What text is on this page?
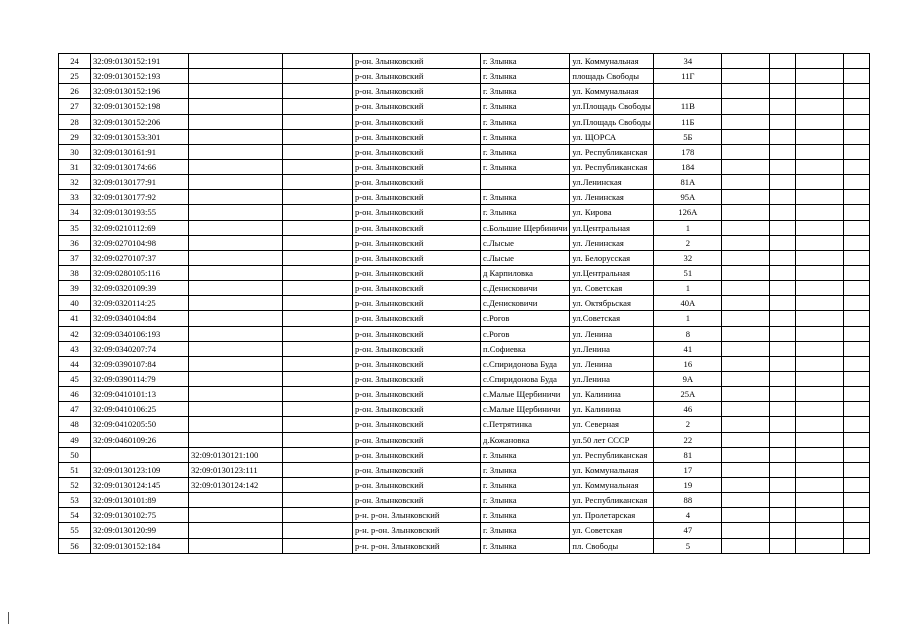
24	32:09:0130152:191			р-он. Злынковский	г. Злынка	ул. Коммунальная	34				
25	32:09:0130152:193			р-он. Злынковский	г. Злынка	площадь Свободы	11Г				
26	32:09:0130152:196			р-он. Злынковский	г. Злынка	ул. Коммунальная					
27	32:09:0130152:198			р-он. Злынковский	г. Злынка	ул.Площадь Свободы	11В				
28	32:09:0130152:206			р-он. Злынковский	г. Злынка	ул.Площадь Свободы	11Б				
29	32:09:0130153:301			р-он. Злынковский	г. Злынка	ул. ЩОРСА	5Б				
30	32:09:0130161:91			р-он. Злынковский	г. Злынка	ул. Республиканская	178				
31	32:09:0130174:66			р-он. Злынковский	г. Злынка	ул. Республиканская	184				
32	32:09:0130177:91			р-он. Злынковский		ул.Ленинская	81А				
33	32:09:0130177:92			р-он. Злынковский	г. Злынка	ул. Ленинская	95А				
34	32:09:0130193:55			р-он. Злынковский	г. Злынка	ул. Кирова	126А				
35	32:09:0210112:69			р-он. Злынковский	с.Большие Щербиничи	ул.Центральная	1				
36	32:09:0270104:98			р-он. Злынковский	с.Лысые	ул. Ленинская	2				
37	32:09:0270107:37			р-он. Злынковский	с.Лысые	ул. Белорусская	32				
38	32:09:0280105:116			р-он. Злынковский	д Карпиловка	ул.Центральная	51				
39	32:09:0320109:39			р-он. Злынковский	с.Денисковичи	ул. Советская	1				
40	32:09:0320114:25			р-он. Злынковский	с.Денисковичи	ул. Октябрьская	40А				
41	32:09:0340104:84			р-он. Злынковский	с.Рогов	ул.Советская	1				
42	32:09:0340106:193			р-он. Злынковский	с.Рогов	ул. Ленина	8				
43	32:09:0340207:74			р-он. Злынковский	п.Софиевка	ул.Ленина	41				
44	32:09:0390107:84			р-он. Злынковский	с.Спиридонова Буда	ул. Ленина	16				
45	32:09:0390114:79			р-он. Злынковский	с.Спиридонова Буда	ул.Ленина	9А				
46	32:09:0410101:13			р-он. Злынковский	с.Малые Щербиничи	ул. Калинина	25А				
47	32:09:0410106:25			р-он. Злынковский	с.Малые Щербиничи	ул. Калинина	46				
48	32:09:0410205:50			р-он. Злынковский	с.Петрятинка	ул. Северная	2				
49	32:09:0460109:26			р-он. Злынковский	д.Кожановка	ул.50 лет СССР	22				
50		32:09:0130121:100		р-он. Злынковский	г. Злынка	ул. Республиканская	81				
51	32:09:0130123:109	32:09:0130123:111		р-он. Злынковский	г. Злынка	ул. Коммунальная	17				
52	32:09:0130124:145	32:09:0130124:142		р-он. Злынковский	г. Злынка	ул. Коммунальная	19				
53	32:09:0130101:89			р-он. Злынковский	г. Злынка	ул. Республиканская	88				
54	32:09:0130102:75			р-н. р-он. Злынковский	г. Злынка	ул. Пролетарская	4				
55	32:09:0130120:99			р-н. р-он. Злынковский	г. Злынка	ул. Советская	47				
56	32:09:0130152:184			р-н. р-он. Злынковский	г. Злынка	пл. Свободы	5				
